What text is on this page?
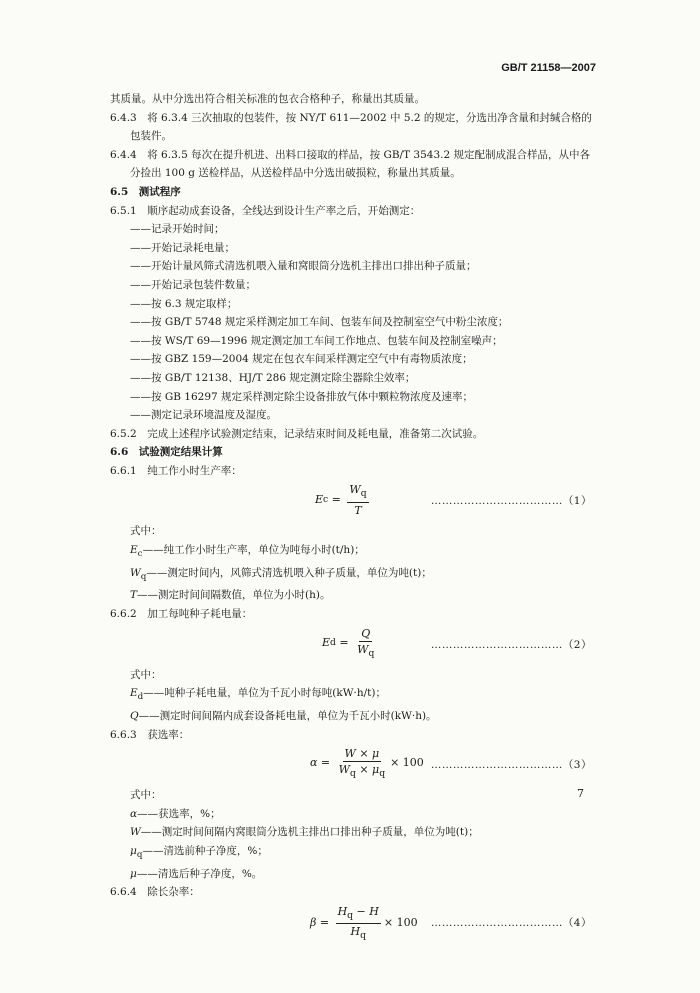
GB/T 21158—2007

其质量。从中分选出符合相关标准的包衣合格种子，称量出其质量。

6.4.3　将 6.3.4 三次抽取的包装件，按 NY/T 611—2002 中 5.2 的规定，分选出净含量和封缄合格的

包装件。

6.4.4　将 6.3.5 每次在提升机进、出料口接取的样品，按 GB/T 3543.2 规定配制成混合样品，从中各

分捡出 100 g 送检样品，从送检样品中分选出破损粒，称量出其质量。

6.5　测试程序

6.5.1　顺序起动成套设备，全线达到设计生产率之后，开始测定：

——记录开始时间；

——开始记录耗电量；

——开始计量风筛式清选机喂入量和窝眼筒分选机主排出口排出种子质量；

——开始记录包装件数量；

——按 6.3 规定取样；

——按 GB/T 5748 规定采样测定加工车间、包装车间及控制室空气中粉尘浓度；

——按 WS/T 69—1996 规定测定加工车间工作地点、包装车间及控制室噪声；

——按 GBZ 159—2004 规定在包衣车间采样测定空气中有毒物质浓度；

——按 GB/T 12138、HJ/T 286 规定测定除尘器除尘效率；

——按 GB 16297 规定采样测定除尘设备排放气体中颗粒物浓度及速率；

——测定记录环境温度及湿度。

6.5.2　完成上述程序试验测定结束，记录结束时间及耗电量，准备第二次试验。

6.6　试验测定结果计算

6.6.1　纯工作小时生产率：

E $c = \frac{W_q}{T}$	………………………………（1）

式中：

$E_c——$纯工作小时生产率，单位为吨每小时(t/h)；

$W_q——$测定时间内，风筛式清选机喂入种子质量，单位为吨(t)；

T——测定时间间隔数值，单位为小时(h)。

6.6.2　加工每吨种子耗电量：

E $d = \frac{Q}{W_q}$	………………………………（2）

式中：

$E_d——$吨种子耗电量，单位为千瓦小时每吨(kW·h/t)；

Q——测定时间间隔内成套设备耗电量，单位为千瓦小时(kW·h)。

6.6.3　获选率：

$\alpha = \frac{W \times \mu}{W_q \times \mu_q} \times 100$ ………………………………（3）

式中：

α——获选率，%；

W——测定时间间隔内窝眼筒分选机主排出口排出种子质量，单位为吨(t)；

$\mu_q——$清选前种子净度，%；

μ——清选后种子净度，%。

6.6.4　除长杂率：

$\beta = \frac{H_q - H}{H_q} \times 100$ ………………………………（4）
7
